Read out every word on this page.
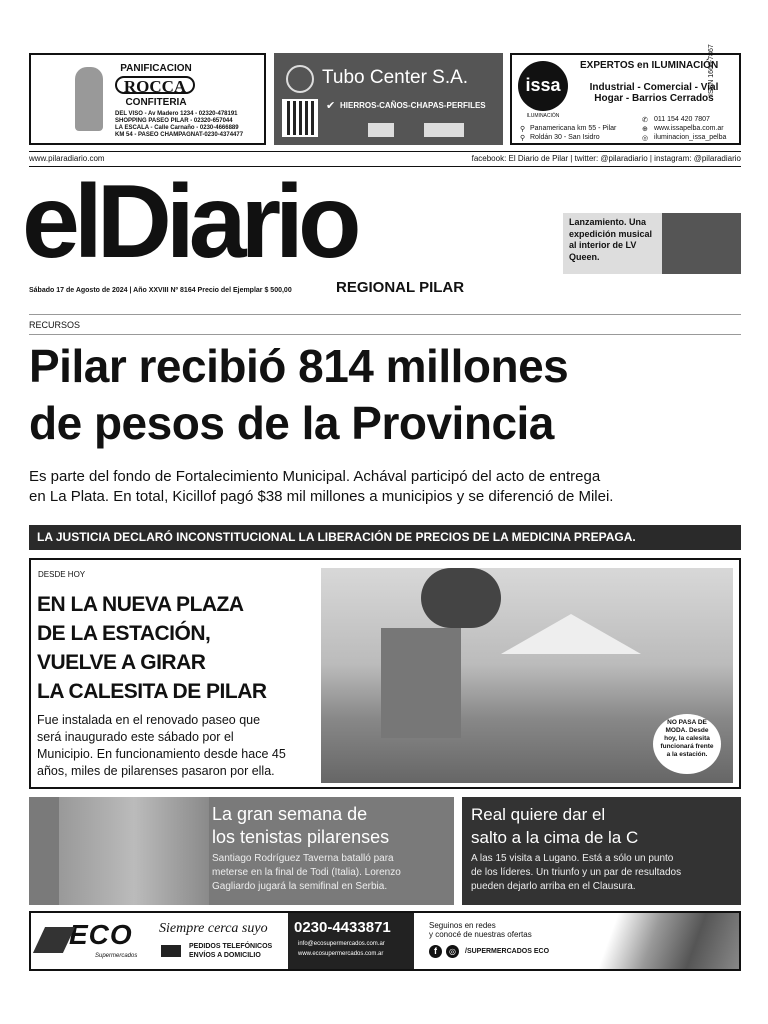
PANIFICACION
ROCCA
CONFITERIA
DEL VISO - Av Madero 1234 - 02320-478191
SHOPPING PASEO PILAR - 02320-657044
LA ESCALA - Calle Carnaño - 0230-4666889
KM 54 - PASEO CHAMPAGNAT-0230-4374477
Tubo Center S.A.
✔ HIERROS-CAÑOS-CHAPAS-PERFILES
issa
ILUMINACIÓN
EXPERTOS en ILUMINACIÓN
Industrial - Comercial - Vial
Hogar - Barrios Cerrados
⚲ Panamericana km 55 - Pilar
⚲ Roldán 30 - San Isidro
✆ 011 154 420 7807
⊕ www.issapelba.com.ar
◎ iluminacion_issa_pelba
ISSN 1666-7867
www.pilaradiario.com	facebook: El Diario de Pilar | twitter: @pilaradiario | instagram: @pilaradiario
elDiario
REGIONAL PILAR
Sábado 17 de Agosto de 2024 | Año XXVIII Nº 8164 Precio del Ejemplar $ 500,00
Lanzamiento. Una expedición musical al interior de LV Queen.
RECURSOS
Pilar recibió 814 millones
de pesos de la Provincia
Es parte del fondo de Fortalecimiento Municipal. Achával participó del acto de entrega
en La Plata. En total, Kicillof pagó $38 mil millones a municipios y se diferenció de Milei.
LA JUSTICIA DECLARÓ INCONSTITUCIONAL LA LIBERACIÓN DE PRECIOS DE LA MEDICINA PREPAGA.
DESDE HOY
EN LA NUEVA PLAZA
DE LA ESTACIÓN,
VUELVE A GIRAR
LA CALESITA DE PILAR
Fue instalada en el renovado paseo que
será inaugurado este sábado por el
Municipio. En funcionamiento desde hace 45
años, miles de pilarenses pasaron por ella.
NO PASA DE
MODA. Desde
hoy, la calesita
funcionará frente
a la estación.
La gran semana de
los tenistas pilarenses
Santiago Rodríguez Taverna batalló para
meterse en la final de Todi (Italia). Lorenzo
Gagliardo jugará la semifinal en Serbia.
Real quiere dar el
salto a la cima de la C
A las 15 visita a Lugano. Está a sólo un punto
de los líderes. Un triunfo y un par de resultados
pueden dejarlo arriba en el Clausura.
ECO
Supermercados
Siempre cerca suyo
PEDIDOS TELEFÓNICOS
ENVÍOS A DOMICILIO
0230-4433871
info@ecosupermercados.com.ar
www.ecosupermercados.com.ar
Seguinos en redes
y conocé de nuestras ofertas
f	◎	/SUPERMERCADOS ECO
